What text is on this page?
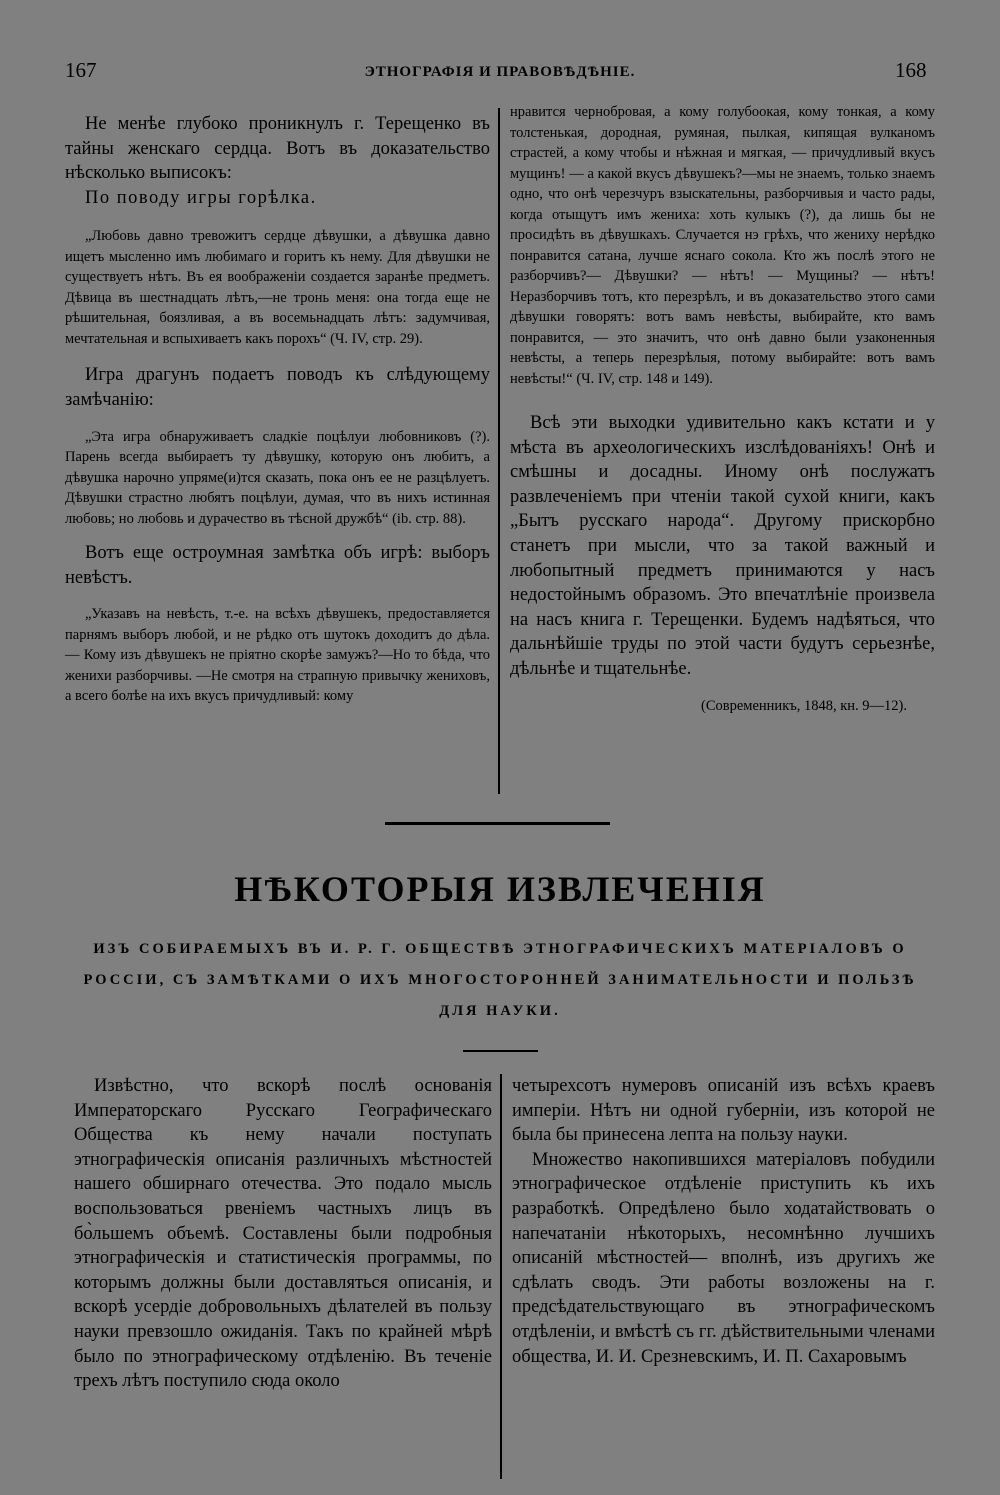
167	ЭТНОГРАФІЯ И ПРАВОВѢДѢНІЕ.	168

Не менѣе глубоко проникнулъ г. Терещенко въ тайны женскаго сердца. Вотъ въ доказательство нѣсколько выписокъ:

По поводу игры горѣлка.

„Любовь давно тревожитъ сердце дѣвушки, а дѣвушка давно ищетъ мысленно имъ любимаго и горитъ къ нему. Для дѣвушки не существуетъ нѣтъ. Въ ея воображеніи создается заранѣе предметъ. Дѣвица въ шестнадцать лѣтъ,—не тронь меня: она тогда еще не рѣшительная, боязливая, а въ восемьнадцать лѣтъ: задумчивая, мечтательная и вспыхиваетъ какъ порохъ“ (Ч. IV, стр. 29).

Игра драгунъ подаетъ поводъ къ слѣдующему замѣчанію:

„Эта игра обнаруживаетъ сладкіе поцѣлуи любовниковъ (?). Парень всегда выбираетъ ту дѣвушку, которую онъ любитъ, а дѣвушка нарочно упряме(и)тся сказать, пока онъ ее не разцѣлуетъ. Дѣвушки страстно любятъ поцѣлуи, думая, что въ нихъ истинная любовь; но любовь и дурачество въ тѣсной дружбѣ“ (ib. стр. 88).

Вотъ еще остроумная замѣтка объ игрѣ: выборъ невѣстъ.

„Указавъ на невѣсть, т.-е. на всѣхъ дѣвушекъ, предоставляется парнямъ выборъ любой, и не рѣдко отъ шутокъ доходитъ до дѣла. — Кому изъ дѣвушекъ не пріятно скорѣе замужъ?—Но то бѣда, что женихи разборчивы. —Не смотря на страпную привычку жениховъ, а всего болѣе на ихъ вкусъ причудливый: кому

нравится чернобровая, а кому голубоокая, кому тонкая, а кому толстенькая, дородная, румяная, пылкая, кипящая вулканомъ страстей, а кому чтобы и нѣжная и мягкая, — причудливый вкусъ мущинъ! — а какой вкусъ дѣвушекъ?—мы не знаемъ, только знаемъ одно, что онѣ черезчуръ взыскательны, разборчивыя и часто рады, когда отыщутъ имъ жениха: хоть кулыкъ (?), да лишь бы не просидѣть въ дѣвушкахъ. Случается нэ грѣхъ, что жениху нерѣдко понравится сатана, лучше яснаго сокола. Кто жъ послѣ этого не разборчивъ?— Дѣвушки? — нѣтъ! — Мущины? — нѣтъ! Неразборчивъ тотъ, кто перезрѣлъ, и въ доказательство этого сами дѣвушки говорятъ: вотъ вамъ невѣсты, выбирайте, кто вамъ понравится, — это значитъ, что онѣ давно были узаконенныя невѣсты, а теперь перезрѣлыя, потому выбирайте: вотъ вамъ невѣсты!“ (Ч. IV, стр. 148 и 149).

Всѣ эти выходки удивительно какъ кстати и у мѣста въ археологическихъ изслѣдованіяхъ! Онѣ и смѣшны и досадны. Иному онѣ послужатъ развлеченіемъ при чтеніи такой сухой книги, какъ „Бытъ русскаго народа“. Другому прискорбно станетъ при мысли, что за такой важный и любопытный предметъ принимаются у насъ недостойнымъ образомъ. Это впечатлѣніе произвела на насъ книга г. Терещенки. Будемъ надѣяться, что дальнѣйшіе труды по этой части будутъ серьезнѣе, дѣльнѣе и тщательнѣе.

(Современникъ, 1848, кн. 9—12).

НѢКОТОРЫЯ ИЗВЛЕЧЕНІЯ
ИЗЪ СОБИРАЕМЫХЪ ВЪ И. Р. Г. ОБЩЕСТВѢ ЭТНОГРАФИЧЕСКИХЪ МАТЕРІАЛОВЪ О
РОССІИ, СЪ ЗАМѢТКАМИ О ИХЪ МНОГОСТОРОННЕЙ ЗАНИМАТЕЛЬНОСТИ И ПОЛЬЗѢ
ДЛЯ НАУКИ.

Извѣстно, что вскорѣ послѣ основанія Императорскаго Русскаго Географическаго Общества къ нему начали поступать этнографическія описанія различныхъ мѣстностей нашего обширнаго отечества. Это подало мысль воспользоваться рвеніемъ частныхъ лицъ въ бо̀льшемъ объемѣ. Составлены были подробныя этнографическія и статистическія программы, по которымъ должны были доставляться описанія, и вскорѣ усердіе добровольныхъ дѣлателей въ пользу науки превзошло ожиданія. Такъ по крайней мѣрѣ было по этнографическому отдѣленію. Въ теченіе трехъ лѣтъ поступило сюда около

четырехсотъ нумеровъ описаній изъ всѣхъ краевъ имперіи. Нѣтъ ни одной губерніи, изъ которой не была бы принесена лепта на пользу науки.

Множество накопившихся матеріаловъ побудили этнографическое отдѣленіе приступить къ ихъ разработкѣ. Опредѣлено было ходатайствовать о напечатаніи нѣкоторыхъ, несомнѣнно лучшихъ описаній мѣстностей— вполнѣ, изъ другихъ же сдѣлать сводъ. Эти работы возложены на г. предсѣдательствующаго въ этнографическомъ отдѣленіи, и вмѣстѣ съ гг. дѣйствительными членами общества, И. И. Срезневскимъ, И. П. Сахаровымъ
